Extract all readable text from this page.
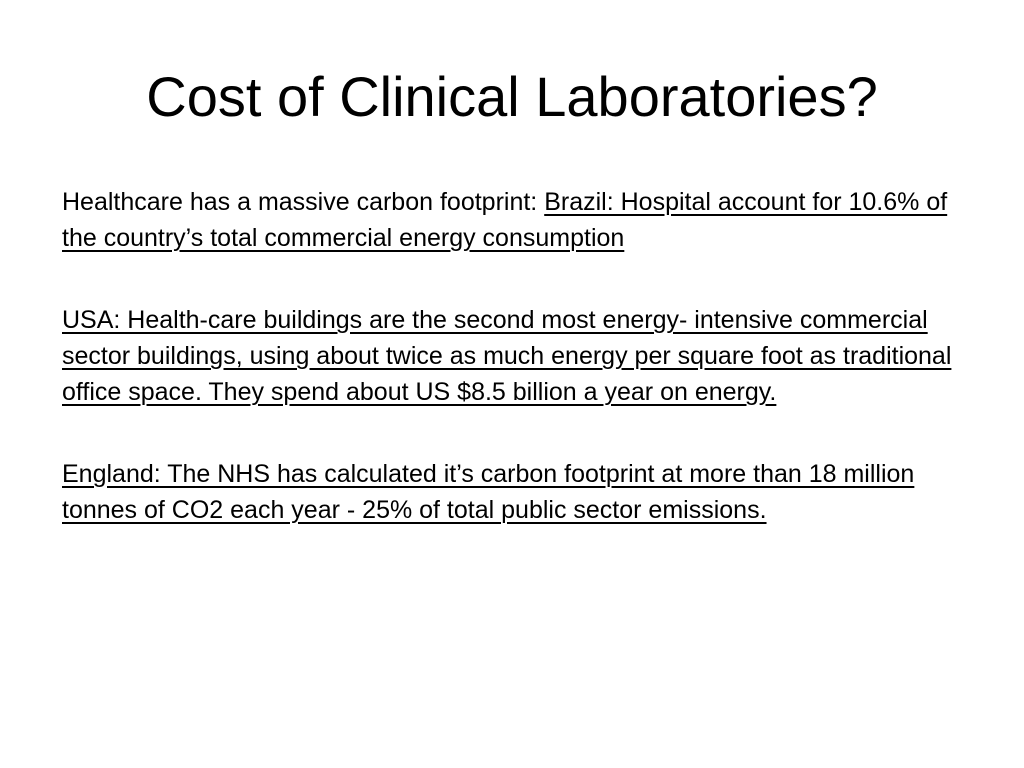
Cost of Clinical Laboratories?

Healthcare has a massive carbon footprint: Brazil: Hospital account for 10.6% of the country’s total commercial energy consumption

USA: Health-care buildings are the second most energy- intensive commercial sector buildings, using about twice as much energy per square foot as traditional office space. They spend about US $8.5 billion a year on energy.

England: The NHS has calculated it’s carbon footprint at more than 18 million tonnes of CO2 each year - 25% of total public sector emissions.
